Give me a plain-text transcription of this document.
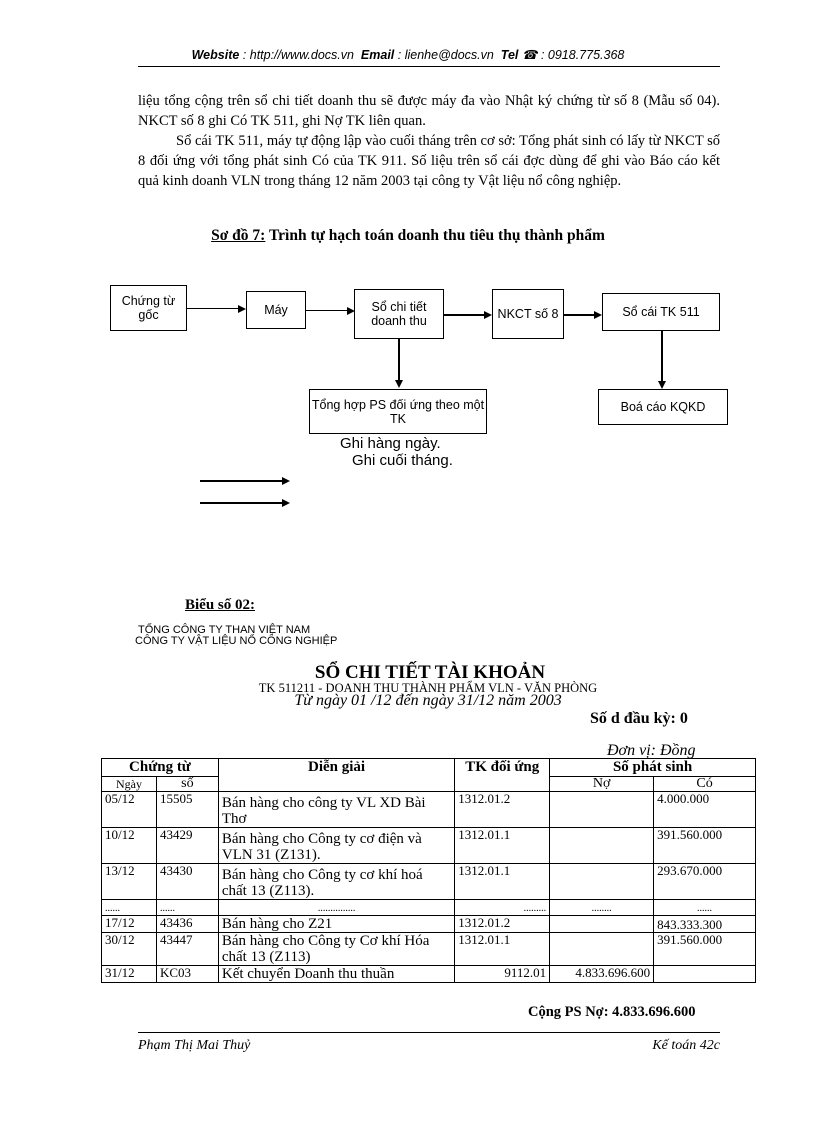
Website : http://www.docs.vn Email : lienhe@docs.vn Tel ☎ : 0918.775.368
liệu tổng cộng trên sổ chi tiết doanh thu sẽ được máy đa vào Nhật ký chứng từ số 8 (Mẫu số 04). NKCT số 8 ghi Có TK 511, ghi Nợ TK liên quan.
Sổ cái TK 511, máy tự động lập vào cuối tháng trên cơ sở: Tổng phát sinh có lấy từ NKCT số 8 đối ứng với tổng phát sinh Có của TK 911. Số liệu trên sổ cái đợc dùng để ghi vào Báo cáo kết quả kinh doanh VLN trong tháng 12 năm 2003 tại công ty Vật liệu nổ công nghiệp.
Sơ đồ 7: Trình tự hạch toán doanh thu tiêu thụ thành phẩm
Chứng từ gốc	Máy	Sổ chi tiết doanh thu	NKCT số 8	Sổ cái TK 511
Tổng hợp PS đối ứng theo một TK
Boá cáo KQKD
Ghi hàng ngày.
Ghi cuối tháng.
Biểu số 02:
TỔNG CÔNG TY THAN VIỆT NAM
CÔNG TY VẬT LIỆU NỔ CÔNG NGHIỆP
SỔ CHI TIẾT TÀI KHOẢN
TK 511211 - DOANH THU THÀNH PHẨM VLN - VĂN PHÒNG
Từ ngày 01 /12 đến ngày 31/12 năm 2003
Số d đầu kỳ: 0
Đơn vị: Đồng
Chứng từ		Diễn giải	TK đối ứng	Số phát sinh	
Ngày	số			Nợ	Có
05/12	15505	Bán hàng cho công ty VL XD Bài Thơ	1312.01.2		4.000.000
10/12	43429	Bán hàng cho Công ty cơ điện và VLN 31 (Z131).	1312.01.1		391.560.000
13/12	43430	Bán hàng cho Công ty cơ khí hoá chất 13 (Z113).	1312.01.1		293.670.000
......	......	...............	.........	........	......
17/12	43436	Bán hàng cho Z21	1312.01.2		843.333.300
30/12	43447	Bán hàng cho Công ty Cơ khí Hóa chất 13 (Z113)	1312.01.1		391.560.000
31/12	KC03	Kết chuyển Doanh thu thuần	9112.01	4.833.696.600	
Cộng PS Nợ: 4.833.696.600
Phạm Thị Mai Thuỷ	Kế toán 42c
